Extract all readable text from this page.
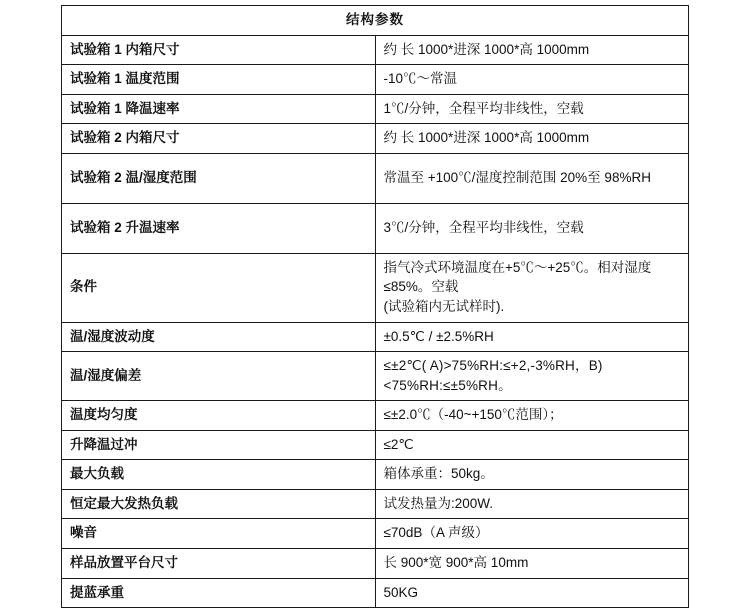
结构参数	
试验箱 1 内箱尺寸	约 长 1000*进深 1000*高 1000mm
试验箱 1 温度范围	-10℃～常温
试验箱 1 降温速率	1℃/分钟，全程平均非线性，空载
试验箱 2 内箱尺寸	约 长 1000*进深 1000*高 1000mm
试验箱 2 温/湿度范围	常温至 +100℃/湿度控制范围 20%至 98%RH
试验箱 2 升温速率	3℃/分钟，全程平均非线性，空载
条件	指气冷式环境温度在+5℃～+25℃。相对湿度≤85%。空载
(试验箱内无试样时).

温/湿度波动度	±0.5℃ / ±2.5%RH
温/湿度偏差	≤±2℃( A)>75%RH:≤+2,-3%RH，B)<75%RH:≤±5%RH。
温度均匀度	≤±2.0℃（-40~+150℃范围）；
升降温过冲	≤2℃
最大负载	箱体承重：50kg。
恒定最大发热负载	试发热量为:200W.
噪音	≤70dB（A 声级）
样品放置平台尺寸	长 900*宽 900*高 10mm
提蓝承重	50KG
